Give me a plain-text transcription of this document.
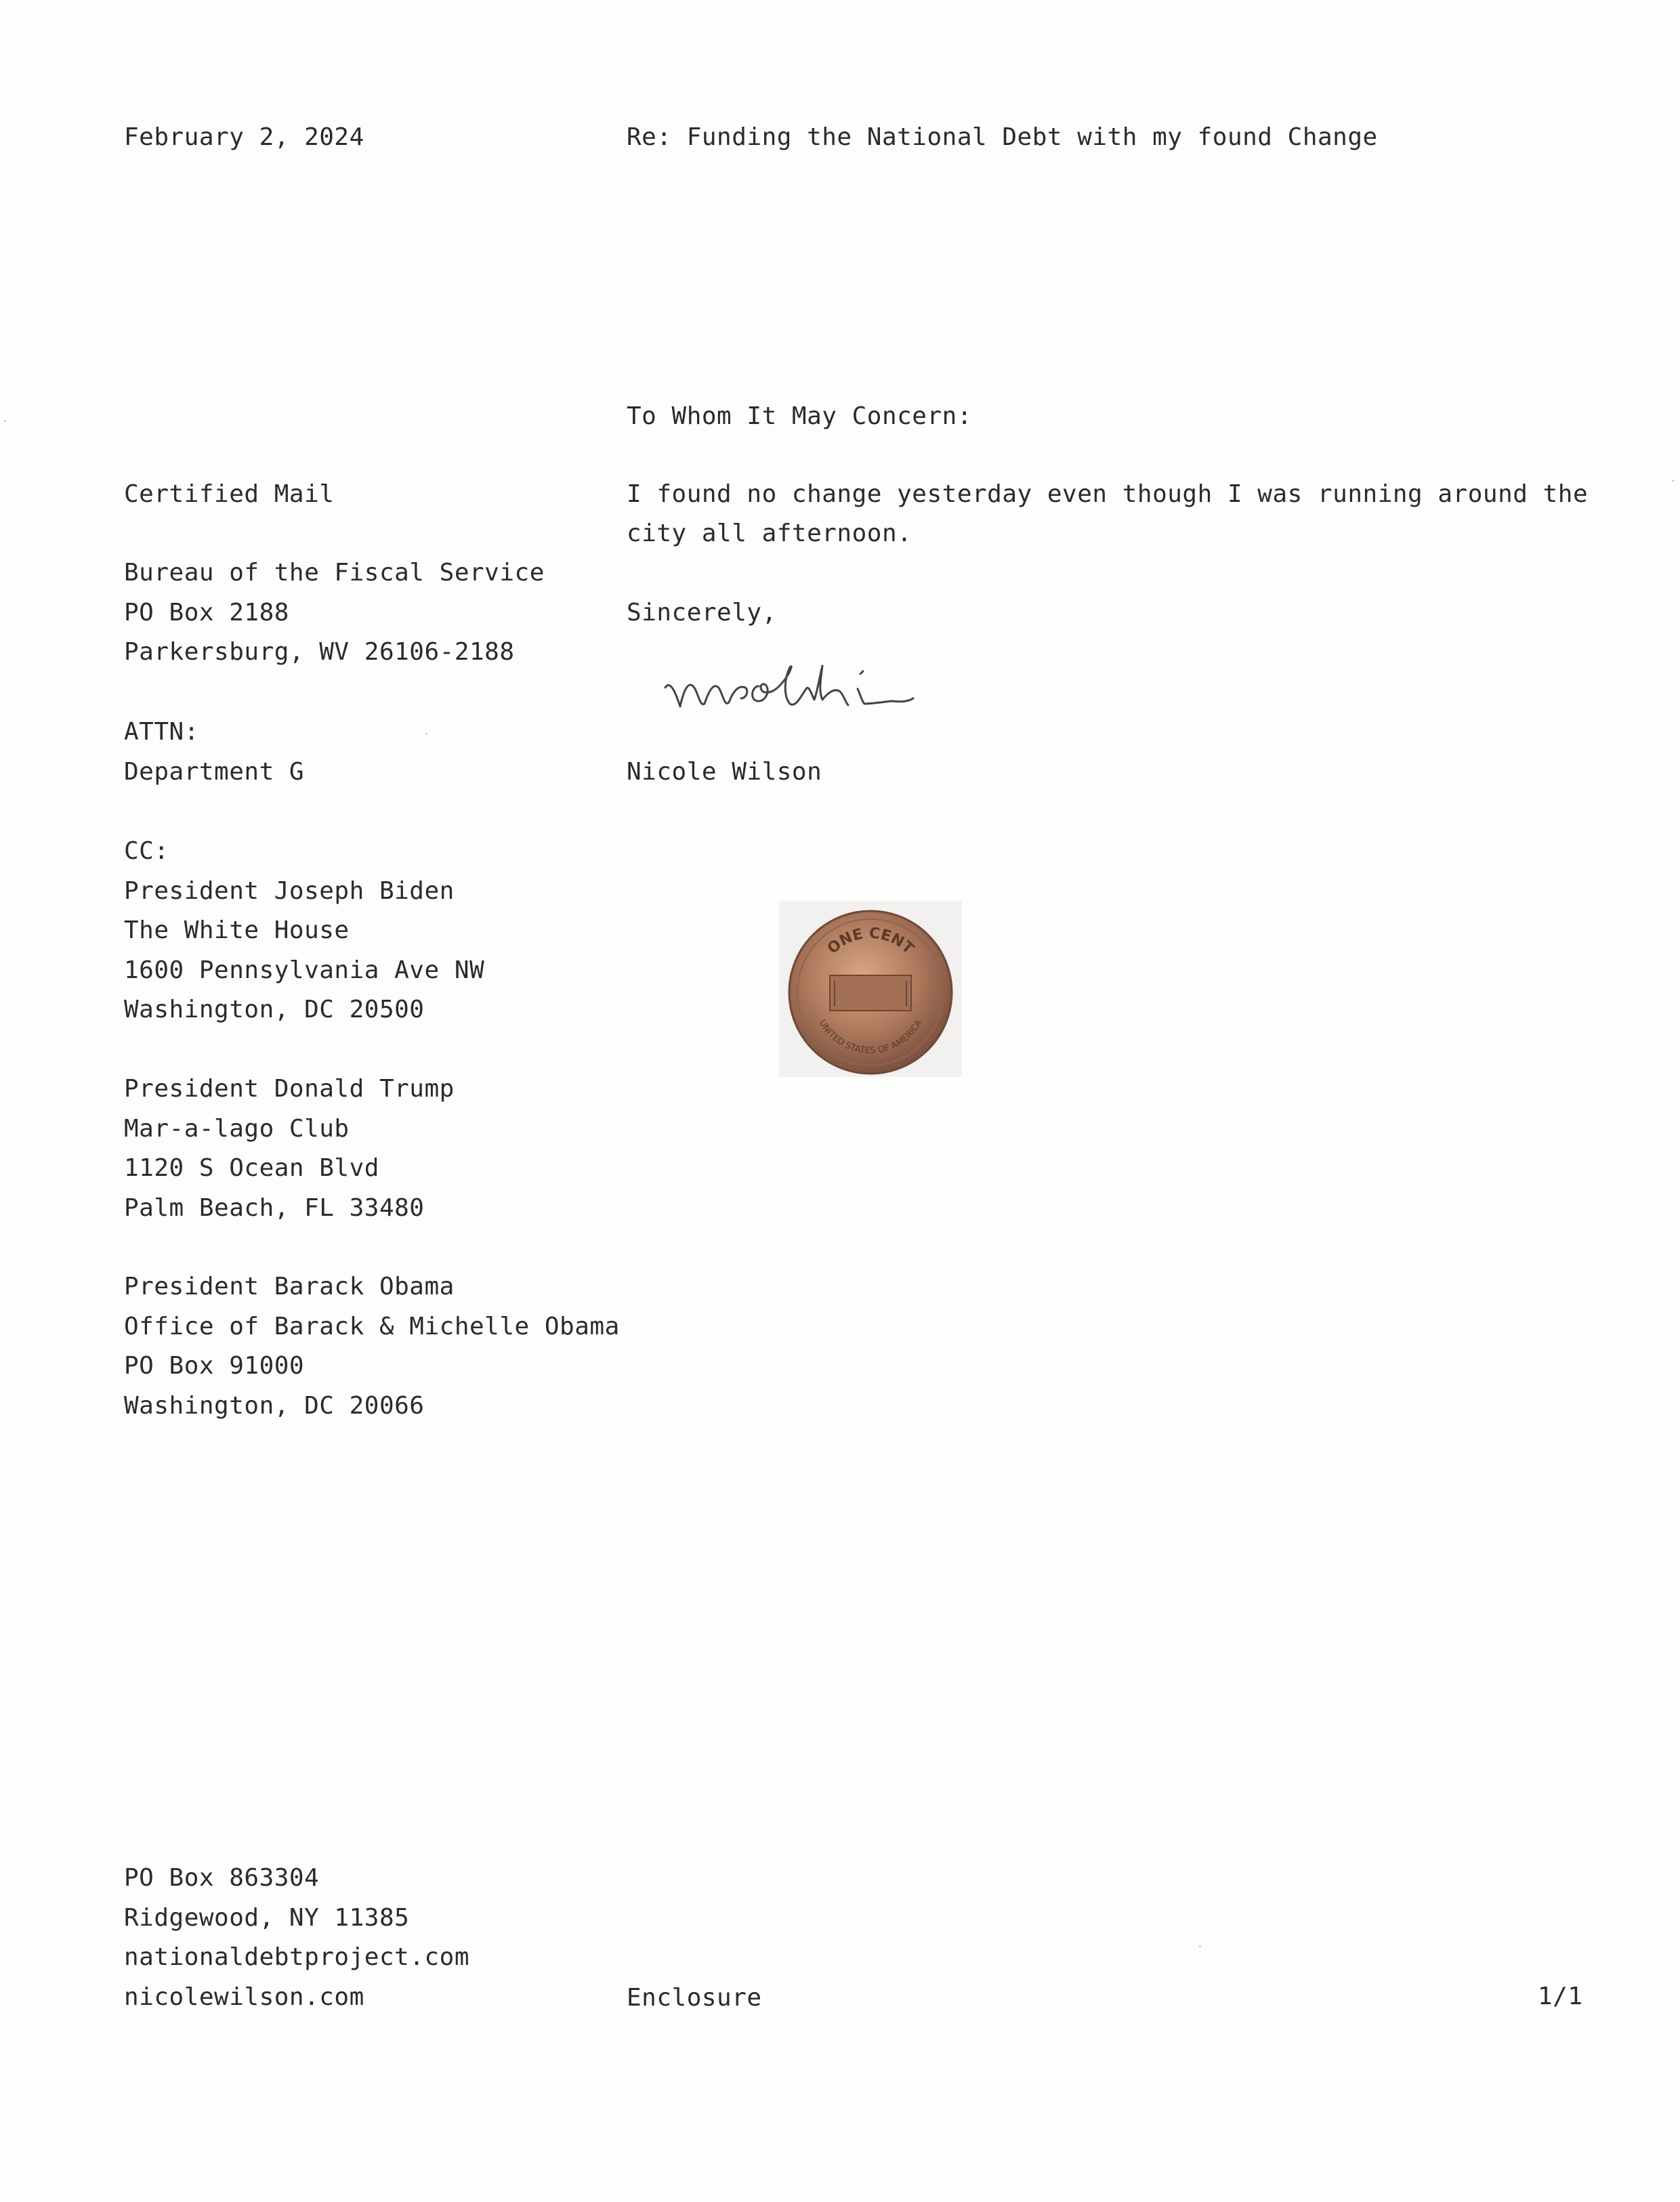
February 2, 2024	Re: Funding the National Debt with my found Change
To Whom It May Concern:
I found no change yesterday even though I was running around the
city all afternoon.
Sincerely,
Nicole Wilson
Certified Mail
Bureau of the Fiscal Service
PO Box 2188
Parkersburg, WV 26106-2188
ATTN:
Department G
CC:
President Joseph Biden
The White House
1600 Pennsylvania Ave NW
Washington, DC 20500
President Donald Trump
Mar-a-lago Club
1120 S Ocean Blvd
Palm Beach, FL 33480
President Barack Obama
Office of Barack & Michelle Obama
PO Box 91000
Washington, DC 20066
ONE CENT
UNITED STATES OF AMERICA
PO Box 863304
Ridgewood, NY 11385
nationaldebtproject.com
nicolewilson.com	Enclosure	1/1
